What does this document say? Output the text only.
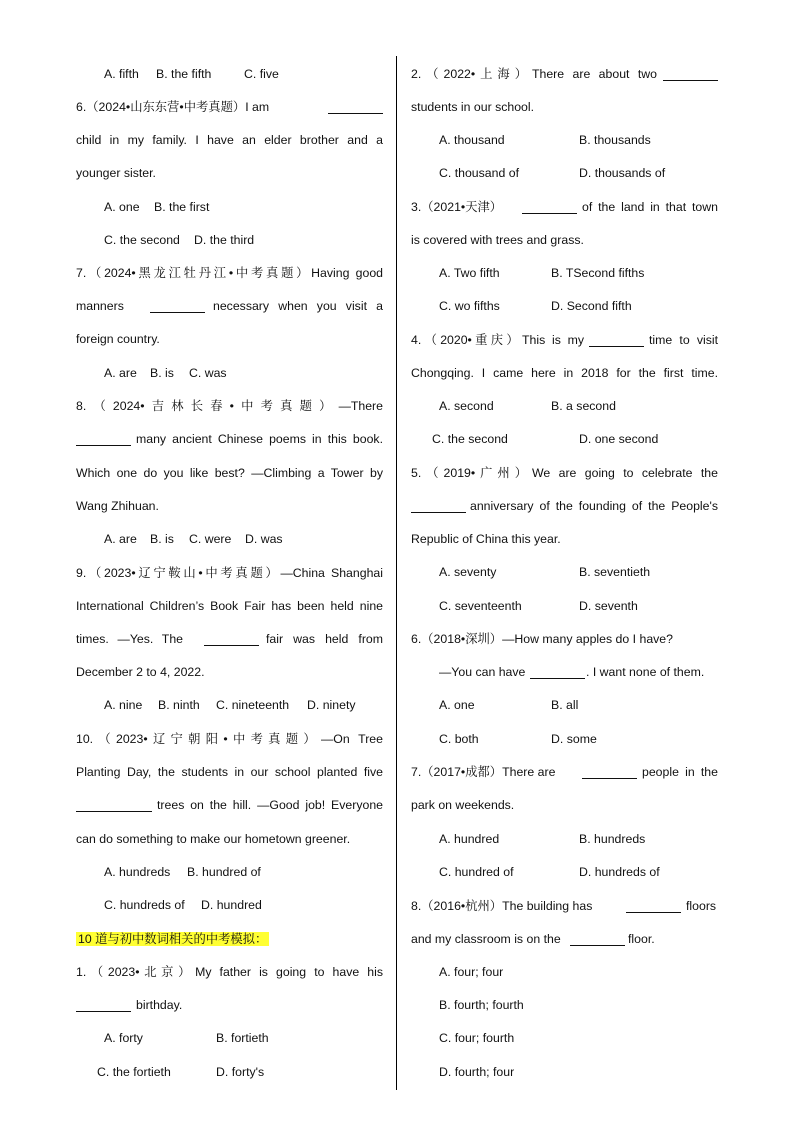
A. fifth B. the fifth	C. five
6.（2024•山东东营•中考真题）I am
child in my family. I have an elder brother and a
younger sister.
A. one B. the first
C. the second D. the third
7.（2024•黑龙江牡丹江•中考真题）Having good
manners	necessary when you visit a
foreign country.
A. are B. is C. was
8.（2024•吉林长春•中考真题）—There
many ancient Chinese poems in this book.
Which one do you like best? —Climbing a Tower by
Wang Zhihuan.
A. are B. is C. were D. was
9.（2023•辽宁鞍山•中考真题）—China Shanghai
International Children’s Book Fair has been held nine
times. —Yes. The	fair was held from
December 2 to 4, 2022.
A. nine B. ninth C. nineteenth D. ninety
10.（2023•辽宁朝阳•中考真题）—On Tree
Planting Day, the students in our school planted five
trees on the hill. —Good job! Everyone
can do something to make our hometown greener.
A. hundreds B. hundred of
C. hundreds of D. hundred
10 道与初中数词相关的中考模拟：
1.（2023•北京）My father is going to have his
birthday.
A. forty	B. fortieth
C. the fortieth	D. forty's
2.（2022•上海）There are about two
students in our school.
A. thousand	B. thousands
C. thousand of	D. thousands of
3.（2021•天津）	of the land in that town
is covered with trees and grass.
A. Two fifth	B. TSecond fifths
C. wo fifths	D. Second fifth
4.（2020•重庆）This is my	time to visit
Chongqing. I came here in 2018 for the first time.
A. second	B. a second
C. the second	D. one second
5.（2019•广州）We are going to celebrate the
anniversary of the founding of the People's
Republic of China this year.
A. seventy	B. seventieth
C. seventeenth	D. seventh
6.（2018•深圳）—How many apples do I have?
—You can have	. I want none of them.
A. one	B. all
C. both	D. some
7.（2017•成都）There are	people in the
park on weekends.
A. hundred	B. hundreds
C. hundred of	D. hundreds of
8.（2016•杭州）The building has	floors
and my classroom is on the	floor.
A. four; four
B. fourth; fourth
C. four; fourth
D. fourth; four
